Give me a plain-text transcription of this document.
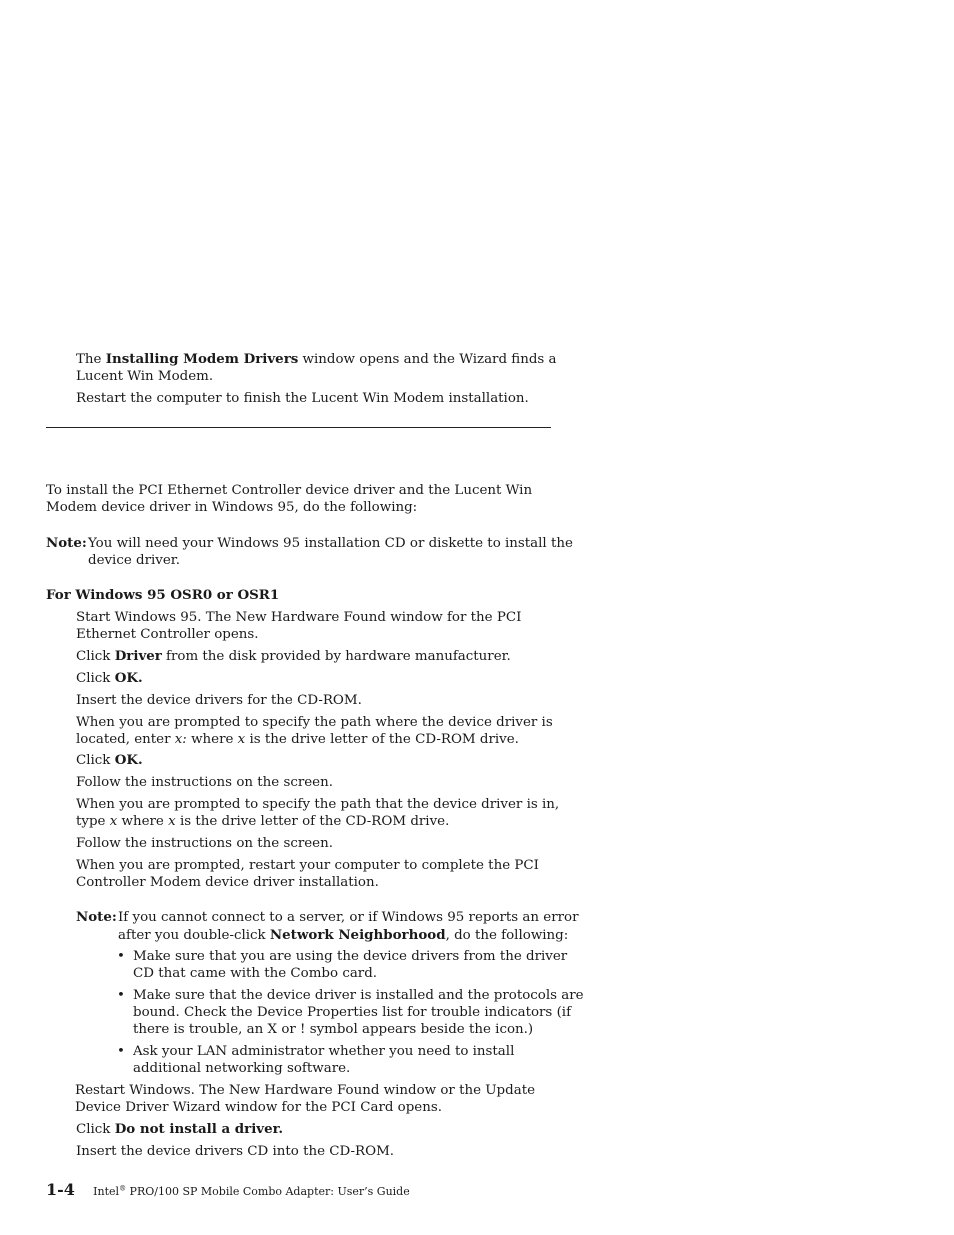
The Installing Modem Drivers window opens and the Wizard finds a

Lucent Win Modem.

Restart the computer to finish the Lucent Win Modem installation.

To install the PCI Ethernet Controller device driver and the Lucent Win

Modem device driver in Windows 95, do the following:

Note: You will need your Windows 95 installation CD or diskette to install the

device driver.

For Windows 95 OSR0 or OSR1

Start Windows 95. The New Hardware Found window for the PCI

Ethernet Controller opens.

Click Driver from the disk provided by hardware manufacturer.

Click OK.

Insert the device drivers for the CD-ROM.

When you are prompted to specify the path where the device driver is

located, enter x: where x is the drive letter of the CD-ROM drive.

Click OK.

Follow the instructions on the screen.

When you are prompted to specify the path that the device driver is in,

type x where x is the drive letter of the CD-ROM drive.

Follow the instructions on the screen.

When you are prompted, restart your computer to complete the PCI

Controller Modem device driver installation.

Note: If you cannot connect to a server, or if Windows 95 reports an error

after you double-click Network Neighborhood, do the following:

• Make sure that you are using the device drivers from the driver

CD that came with the Combo card.

• Make sure that the device driver is installed and the protocols are

bound. Check the Device Properties list for trouble indicators (if

there is trouble, an X or ! symbol appears beside the icon.)

• Ask your LAN administrator whether you need to install

additional networking software.

Restart Windows. The New Hardware Found window or the Update

Device Driver Wizard window for the PCI Card opens.

Click Do not install a driver.

Insert the device drivers CD into the CD-ROM.

1-4 Intel® PRO/100 SP Mobile Combo Adapter: User’s Guide
